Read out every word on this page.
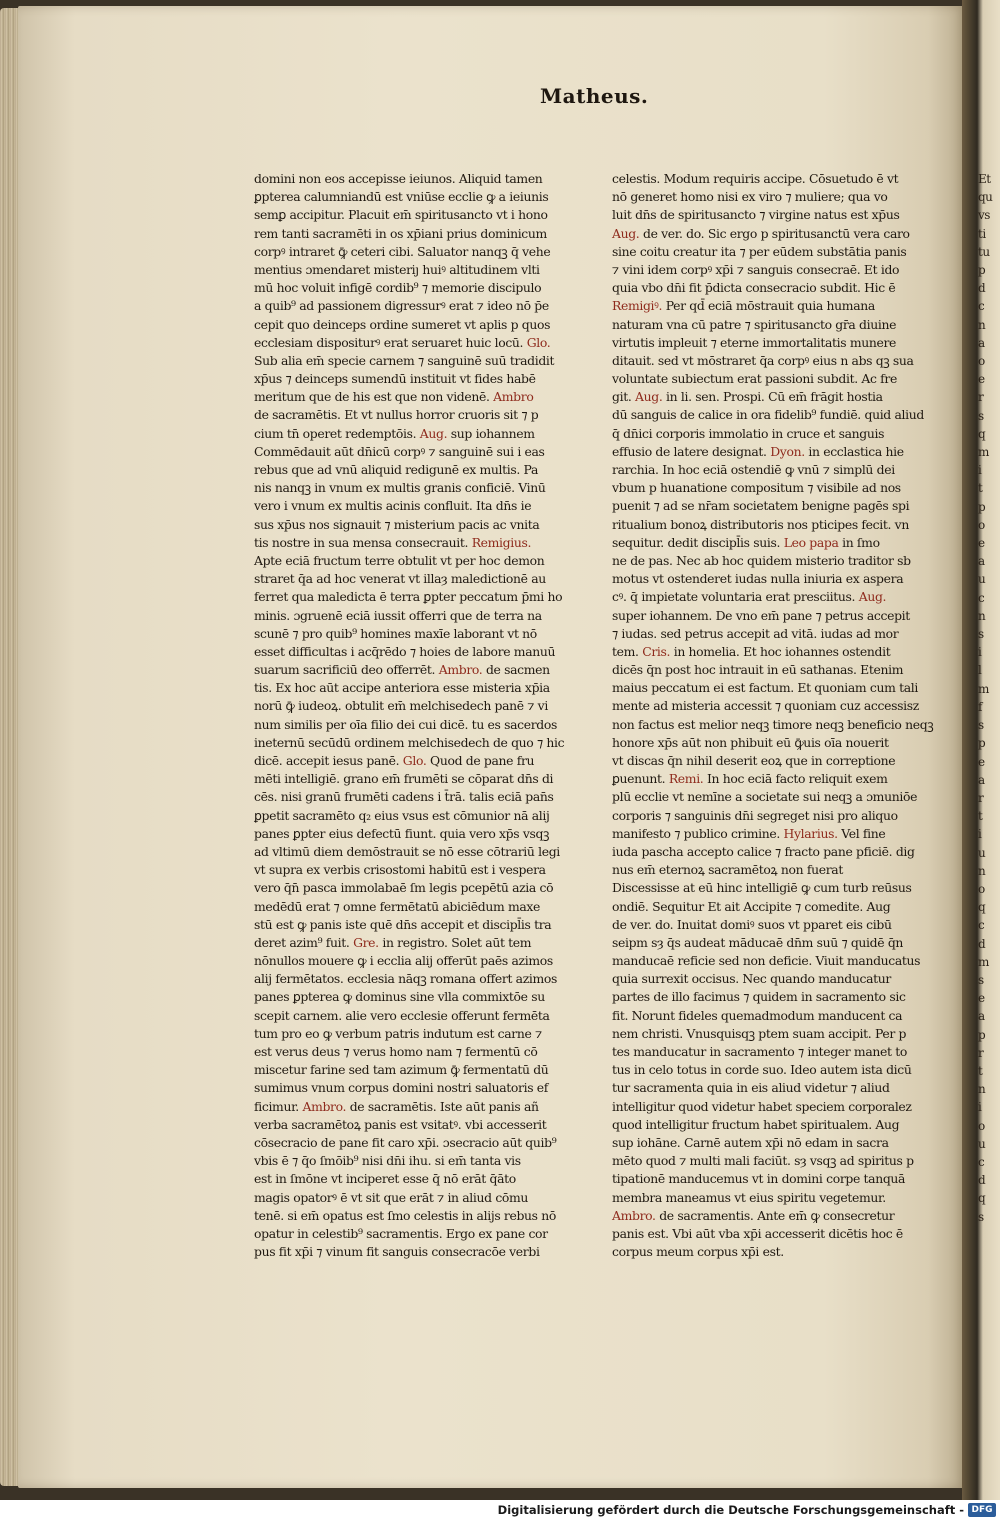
Et
qu
vs
ti
tu
p
d
c
n
a
o
e
r
s
q
m
i
t
p
o
e
a
u
c
n
s
i
l
m
f
s
p
e
a
r
t
i
u
n
o
q
c
d
m
s
e
a
p
r
t
n
i
o
u
c
d
q
s
Matheus.
domini non eos accepisse ieiunos. Aliquid tamen
ꝑpterea calumniandū est vniūse ecclie ꝙ a ieiunis
semꝑ accipitur. Placuit em̄ spiritusancto vt i hono
rem tanti sacramēti in os xp̄iani prius dominicum
corpꝰ intraret ꝙ̄ ceteri cibi. Saluator nanqꝫ q̄ vehe
mentius ɔmendaret misteriȷ huiꝰ altitudinem vlti
mū hoc voluit infigē cordib⁹ ⁊ memorie discipulo
a quib⁹ ad passionem digressurꝰ erat ⁊ ideo nō p̄e
cepit quo deinceps ordine sumeret vt aplis p quos
ecclesiam dispositurꝰ erat seruaret huic locū. Glo.
Sub alia em̄ specie carnem ⁊ sanguinē suū tradidit
xp̄us ⁊ deinceps sumendū instituit vt fides habē
meritum que de his est que non videnē. Ambro
de sacramētis. Et vt nullus horror cruoris sit ⁊ p
cium tn̄ operet redemptōis. Aug. sup iohannem
Commēdauit aūt dn̄icū corpꝰ ⁊ sanguinē sui i eas
rebus que ad vnū aliquid redigunē ex multis. Pa
nis nanqꝫ in vnum ex multis granis conficiē. Vinū
vero i vnum ex multis acinis confluit. Ita dn̄s ie
sus xp̄us nos signauit ⁊ misterium pacis ac vnita
tis nostre in sua mensa consecrauit. Remigius.
Apte eciā fructum terre obtulit vt per hoc demon
straret q̄a ad hoc venerat vt illaȝ maledictionē au
ferret qua maledicta ē terra ꝑpter peccatum p̄mi ho
minis. ɔgruenē eciā iussit offerri que de terra na
scunē ⁊ pro quib⁹ homines maxīe laborant vt nō
esset difficultas i acq̄rēdo ⁊ hoies de labore manuū
suarum sacrificiū deo offerrēt. Ambro. de sacmen
tis. Ex hoc aūt accipe anteriora esse misteria xp̄ia
norū ꝙ̄ iudeoꝝ. obtulit em̄ melchisedech panē ⁊ vi
num similis per oīa filio dei cui dicē. tu es sacerdos
ineternū secūdū ordinem melchisedech de quo ⁊ hic
dicē. accepit iesus panē. Glo. Quod de pane fru
mēti intelligiē. grano em̄ frumēti se cōparat dn̄s di
cēs. nisi granū frumēti cadens i t̄rā. talis eciā pan̄s
ꝑpetit sacramēto q₂ eius vsus est cōmunior nā alij
panes ꝑpter eius defectū fiunt. quia vero xp̄s vsqꝫ
ad vltimū diem demōstrauit se nō esse cōtrariū legi
vt supra ex verbis crisostomi habitū est i vespera
vero q̄n̄ pasca immolabaē ſm legis pcepētū azia cō
medēdū erat ⁊ omne fermētatū abiciēdum maxe
stū est ꝙ panis iste quē dn̄s accepit et discipl̄is tra
deret azim⁹ fuit. Gre. in registro. Solet aūt tem
nōnullos mouere ꝙ i ecclia alij offerūt paēs azimos
alij fermētatos. ecclesia nāqꝫ romana offert azimos
panes ꝑpterea ꝙ dominus sine vlla commixtōe su
scepit carnem. alie vero ecclesie offerunt fermēta
tum pro eo ꝙ verbum patris indutum est carne ⁊
est verus deus ⁊ verus homo nam ⁊ fermentū cō
miscetur farine sed tam azimum ꝙ̄ fermentatū dū
sumimus vnum corpus domini nostri saluatoris ef
ficimur. Ambro. de sacramētis. Iste aūt panis añ
verba sacramētoꝝ panis est vsitatꝰ. vbi accesserit
cōsecracio de pane fit caro xp̄i. ɔsecracio aūt quib⁹
vbis ē ⁊ q̄o ſmōib⁹ nisi dn̄i ihu. si em̄ tanta vis
est in ſmōne vt inciperet esse q̄ nō erāt q̄āto
magis opatorꝰ ē vt sit que erāt ⁊ in aliud cōmu
tenē. si em̄ opatus est ſmo celestis in alijs rebus nō
opatur in celestib⁹ sacramentis. Ergo ex pane cor
pus fit xp̄i ⁊ vinum fit sanguis consecracōe verbi
celestis. Modum requiris accipe. Cōsuetudo ē vt
nō generet homo nisi ex viro ⁊ muliere; qua vo
luit dn̄s de spiritusancto ⁊ virgine natus est xp̄us
Aug. de ver. do. Sic ergo p spiritusanctū vera caro
sine coitu creatur ita ⁊ per eūdem substātia panis
⁊ vini idem corpꝰ xp̄i ⁊ sanguis consecraē. Et ido
quia vbo dn̄i fit p̄dicta consecracio subdit. Hic ē
Remigiꝰ. Per qd̄ eciā mōstrauit quia humana
naturam vna cū patre ⁊ spiritusancto gr̄a diuine
virtutis impleuit ⁊ eterne immortalitatis munere
ditauit. sed vt mōstraret q̄a corpꝰ eius n abs qꝫ sua
voluntate subiectum erat passioni subdit. Ac fre
git. Aug. in li. sen. Prospi. Cū em̄ frāgit hostia
dū sanguis de calice in ora fidelib⁹ fundiē. quid aliud
q̄ dn̄ici corporis immolatio in cruce et sanguis
effusio de latere designat. Dyon. in ecclastica hie
rarchia. In hoc eciā ostendiē ꝙ vnū ⁊ simplū dei
vbum p huanatione compositum ⁊ visibile ad nos
puenit ⁊ ad se nr̄am societatem benigne pagēs spi
ritualium bonoꝝ distributoris nos pticipes fecit. vn
sequitur. dedit discipl̄is suis. Leo papa in ſmo
ne de pas. Nec ab hoc quidem misterio traditor sb
motus vt ostenderet iudas nulla iniuria ex aspera
cꝰ. q̄ impietate voluntaria erat presciitus. Aug.
super iohannem. De vno em̄ pane ⁊ petrus accepit
⁊ iudas. sed petrus accepit ad vitā. iudas ad mor
tem. Cris. in homelia. Et hoc iohannes ostendit
dicēs q̄n post hoc intrauit in eū sathanas. Etenim
maius peccatum ei est factum. Et quoniam cum tali
mente ad misteria accessit ⁊ quoniam cuz accessisz
non factus est melior neqꝫ timore neqꝫ beneficio neqꝫ
honore xp̄s aūt non phibuit eū ꝙ̄uis oīa nouerit
vt discas q̄n nihil deserit eoꝝ que in correptione
ꝑuenunt. Remi. In hoc eciā facto reliquit exem
plū ecclie vt nemīne a societate sui neqꝫ a ɔmuniōe
corporis ⁊ sanguinis dn̄i segreget nisi pro aliquo
manifesto ⁊ publico crimine. Hylarius. Vel fine
iuda pascha accepto calice ⁊ fracto pane pficiē. dig
nus em̄ eternoꝝ sacramētoꝝ non fuerat
Discessisse at eū hinc intelligiē ꝙ cum turb reūsus
ondiē. Sequitur Et ait Accipite ⁊ comedite. Aug
de ver. do. Inuitat domiꝰ suos vt pparet eis cibū
seipm sȝ q̄s audeat māducaē dn̄m suū ⁊ quidē q̄n
manducaē reficie sed non deficie. Viuit manducatus
quia surrexit occisus. Nec quando manducatur
partes de illo facimus ⁊ quidem in sacramento sic
fit. Norunt fideles quemadmodum manducent ca
nem christi. Vnusquisqꝫ ptem suam accipit. Per p
tes manducatur in sacramento ⁊ integer manet to
tus in celo totus in corde suo. Ideo autem ista dicū
tur sacramenta quia in eis aliud videtur ⁊ aliud
intelligitur quod videtur habet speciem corporalez
quod intelligitur fructum habet spiritualem. Aug
sup iohāne. Carnē autem xp̄i nō edam in sacra
mēto quod ⁊ multi mali faciūt. sȝ vsqꝫ ad spiritus p
tipationē manducemus vt in domini corpe tanquā
membra maneamus vt eius spiritu vegetemur.
Ambro. de sacramentis. Ante em̄ ꝙ consecretur
panis est. Vbi aūt vba xp̄i accesserit dicētis hoc ē
corpus meum corpus xp̄i est.
Digitalisierung gefördert durch die Deutsche Forschungsgemeinschaft - DFG
